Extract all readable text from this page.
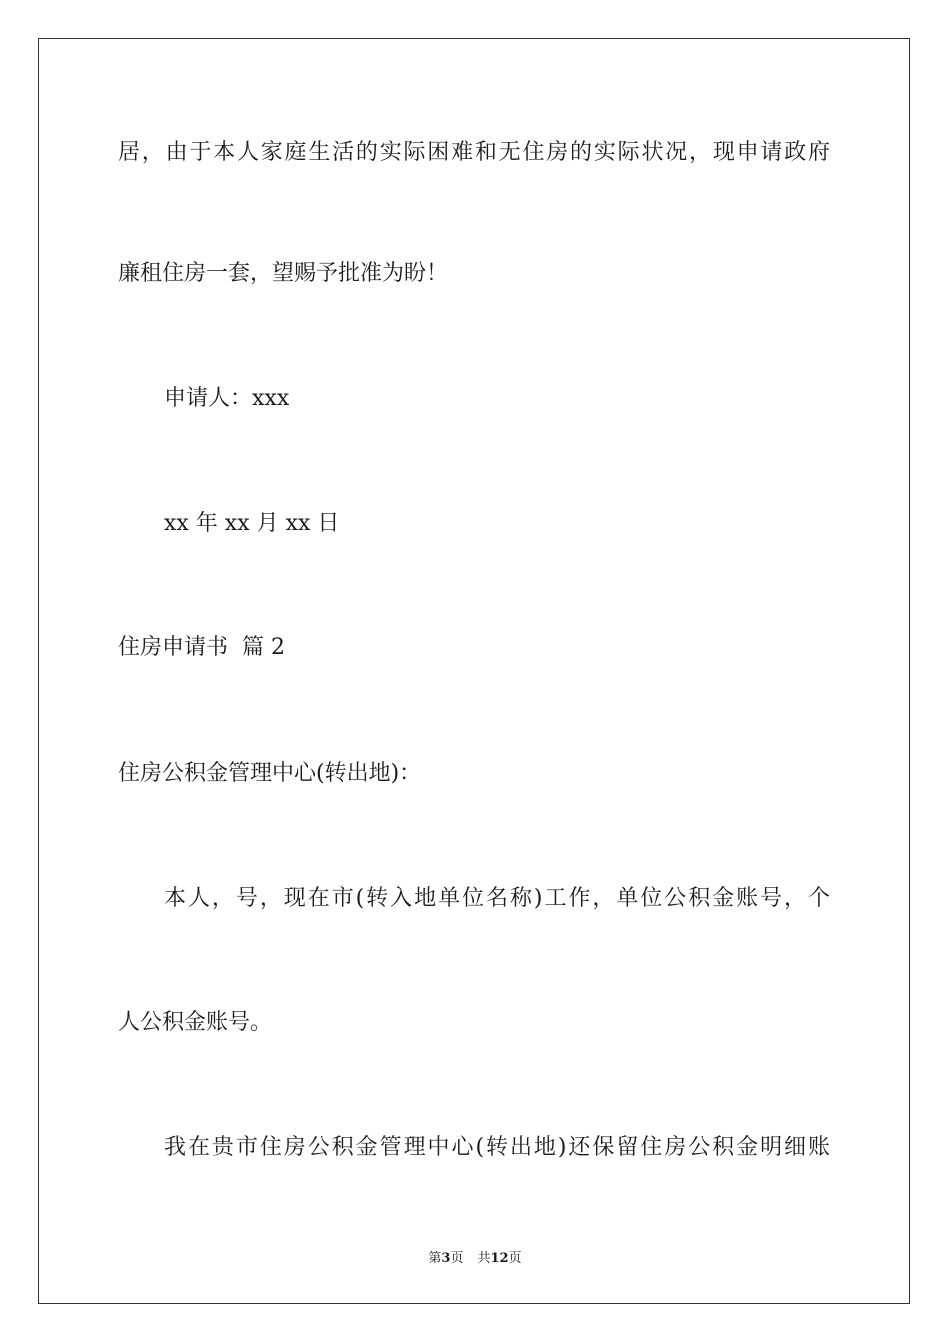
居，由于本人家庭生活的实际困难和无住房的实际状况，现申请政府
廉租住房一套，望赐予批准为盼！
申请人：xxx
xx 年 xx 月 xx 日
住房申请书  篇 2
住房公积金管理中心(转出地)：
本人，号，现在市(转入地单位名称)工作，单位公积金账号，个
人公积金账号。
我在贵市住房公积金管理中心(转出地)还保留住房公积金明细账
第3页 共12页
